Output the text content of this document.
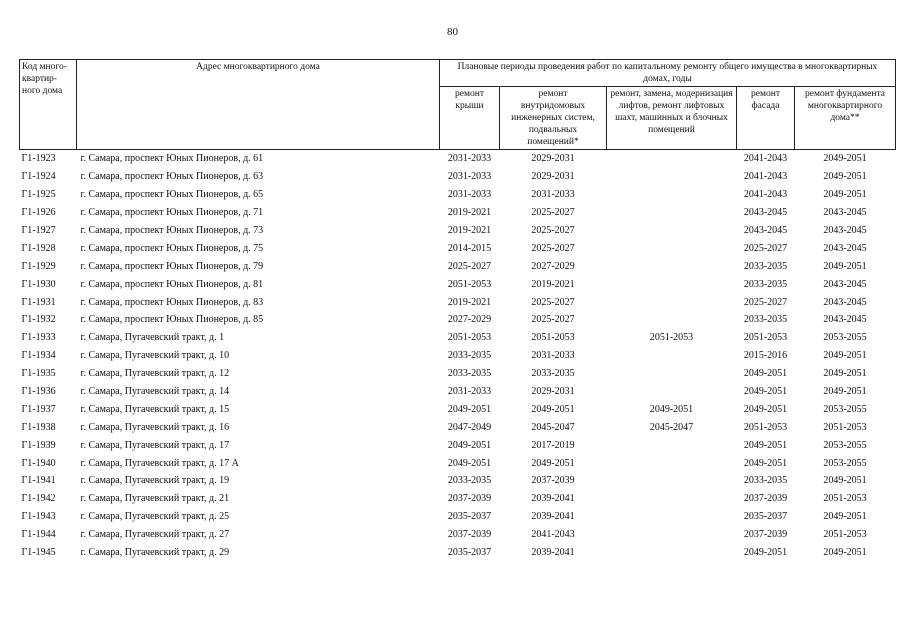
80
Код много-квартир-ного дома	Адрес многоквартирного дома	Плановые периоды проведения работ по капитальному ремонту общего имущества в многоквартирных домах, годы				
		ремонт крыши	ремонт внутридомовых инженерных систем, подвальных помещений*	ремонт, замена, модернизация лифтов, ремонт лифтовых шахт, машинных и блочных помещений	ремонт фасада	ремонт фундамента многоквартирного дома**
Г1-1923	г. Самара, проспект Юных Пионеров, д. 61	2031-2033	2029-2031		2041-2043	2049-2051
Г1-1924	г. Самара, проспект Юных Пионеров, д. 63	2031-2033	2029-2031		2041-2043	2049-2051
Г1-1925	г. Самара, проспект Юных Пионеров, д. 65	2031-2033	2031-2033		2041-2043	2049-2051
Г1-1926	г. Самара, проспект Юных Пионеров, д. 71	2019-2021	2025-2027		2043-2045	2043-2045
Г1-1927	г. Самара, проспект Юных Пионеров, д. 73	2019-2021	2025-2027		2043-2045	2043-2045
Г1-1928	г. Самара, проспект Юных Пионеров, д. 75	2014-2015	2025-2027		2025-2027	2043-2045
Г1-1929	г. Самара, проспект Юных Пионеров, д. 79	2025-2027	2027-2029		2033-2035	2049-2051
Г1-1930	г. Самара, проспект Юных Пионеров, д. 81	2051-2053	2019-2021		2033-2035	2043-2045
Г1-1931	г. Самара, проспект Юных Пионеров, д. 83	2019-2021	2025-2027		2025-2027	2043-2045
Г1-1932	г. Самара, проспект Юных Пионеров, д. 85	2027-2029	2025-2027		2033-2035	2043-2045
Г1-1933	г. Самара, Пугачевский тракт, д. 1	2051-2053	2051-2053	2051-2053	2051-2053	2053-2055
Г1-1934	г. Самара, Пугачевский тракт, д. 10	2033-2035	2031-2033		2015-2016	2049-2051
Г1-1935	г. Самара, Пугачевский тракт, д. 12	2033-2035	2033-2035		2049-2051	2049-2051
Г1-1936	г. Самара, Пугачевский тракт, д. 14	2031-2033	2029-2031		2049-2051	2049-2051
Г1-1937	г. Самара, Пугачевский тракт, д. 15	2049-2051	2049-2051	2049-2051	2049-2051	2053-2055
Г1-1938	г. Самара, Пугачевский тракт, д. 16	2047-2049	2045-2047	2045-2047	2051-2053	2051-2053
Г1-1939	г. Самара, Пугачевский тракт, д. 17	2049-2051	2017-2019		2049-2051	2053-2055
Г1-1940	г. Самара, Пугачевский тракт, д. 17 А	2049-2051	2049-2051		2049-2051	2053-2055
Г1-1941	г. Самара, Пугачевский тракт, д. 19	2033-2035	2037-2039		2033-2035	2049-2051
Г1-1942	г. Самара, Пугачевский тракт, д. 21	2037-2039	2039-2041		2037-2039	2051-2053
Г1-1943	г. Самара, Пугачевский тракт, д. 25	2035-2037	2039-2041		2035-2037	2049-2051
Г1-1944	г. Самара, Пугачевский тракт, д. 27	2037-2039	2041-2043		2037-2039	2051-2053
Г1-1945	г. Самара, Пугачевский тракт, д. 29	2035-2037	2039-2041		2049-2051	2049-2051
